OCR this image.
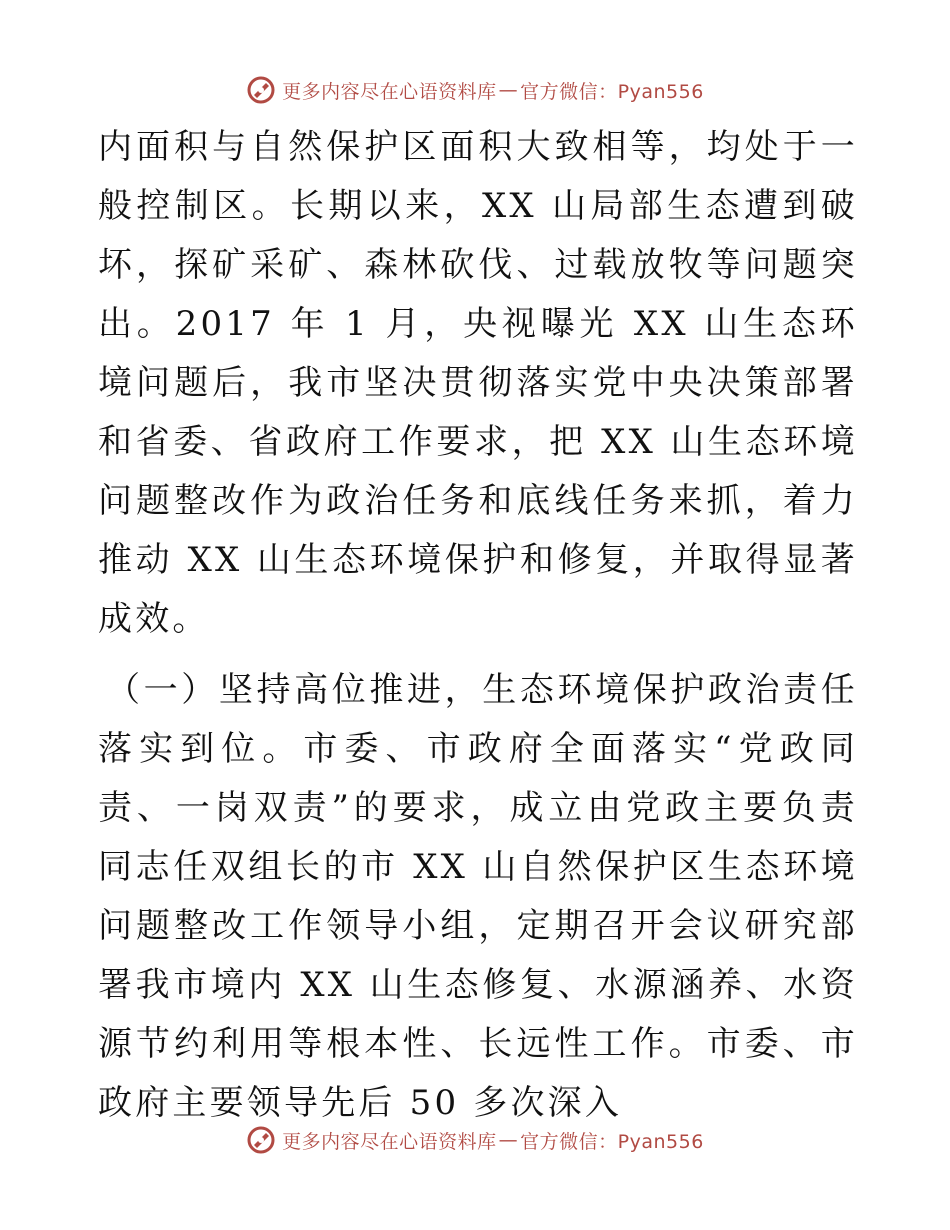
更多内容尽在心语资料库 — 官方微信：Pyan556

内面积与自然保护区面积大致相等，均处于一般控制区。长期以来，XX 山局部生态遭到破坏，探矿采矿、森林砍伐、过载放牧等问题突出。2017 年 1 月，央视曝光 XX 山生态环境问题后，我市坚决贯彻落实党中央决策部署和省委、省政府工作要求，把 XX 山生态环境问题整改作为政治任务和底线任务来抓，着力推动 XX 山生态环境保护和修复，并取得显著成效。

（一）坚持高位推进，生态环境保护政治责任落实到位。市委、市政府全面落实“党政同责、一岗双责”的要求，成立由党政主要负责同志任双组长的市 XX 山自然保护区生态环境问题整改工作领导小组，定期召开会议研究部署我市境内 XX 山生态修复、水源涵养、水资源节约利用等根本性、长远性工作。市委、市政府主要领导先后 50 多次深入

更多内容尽在心语资料库 — 官方微信：Pyan556
